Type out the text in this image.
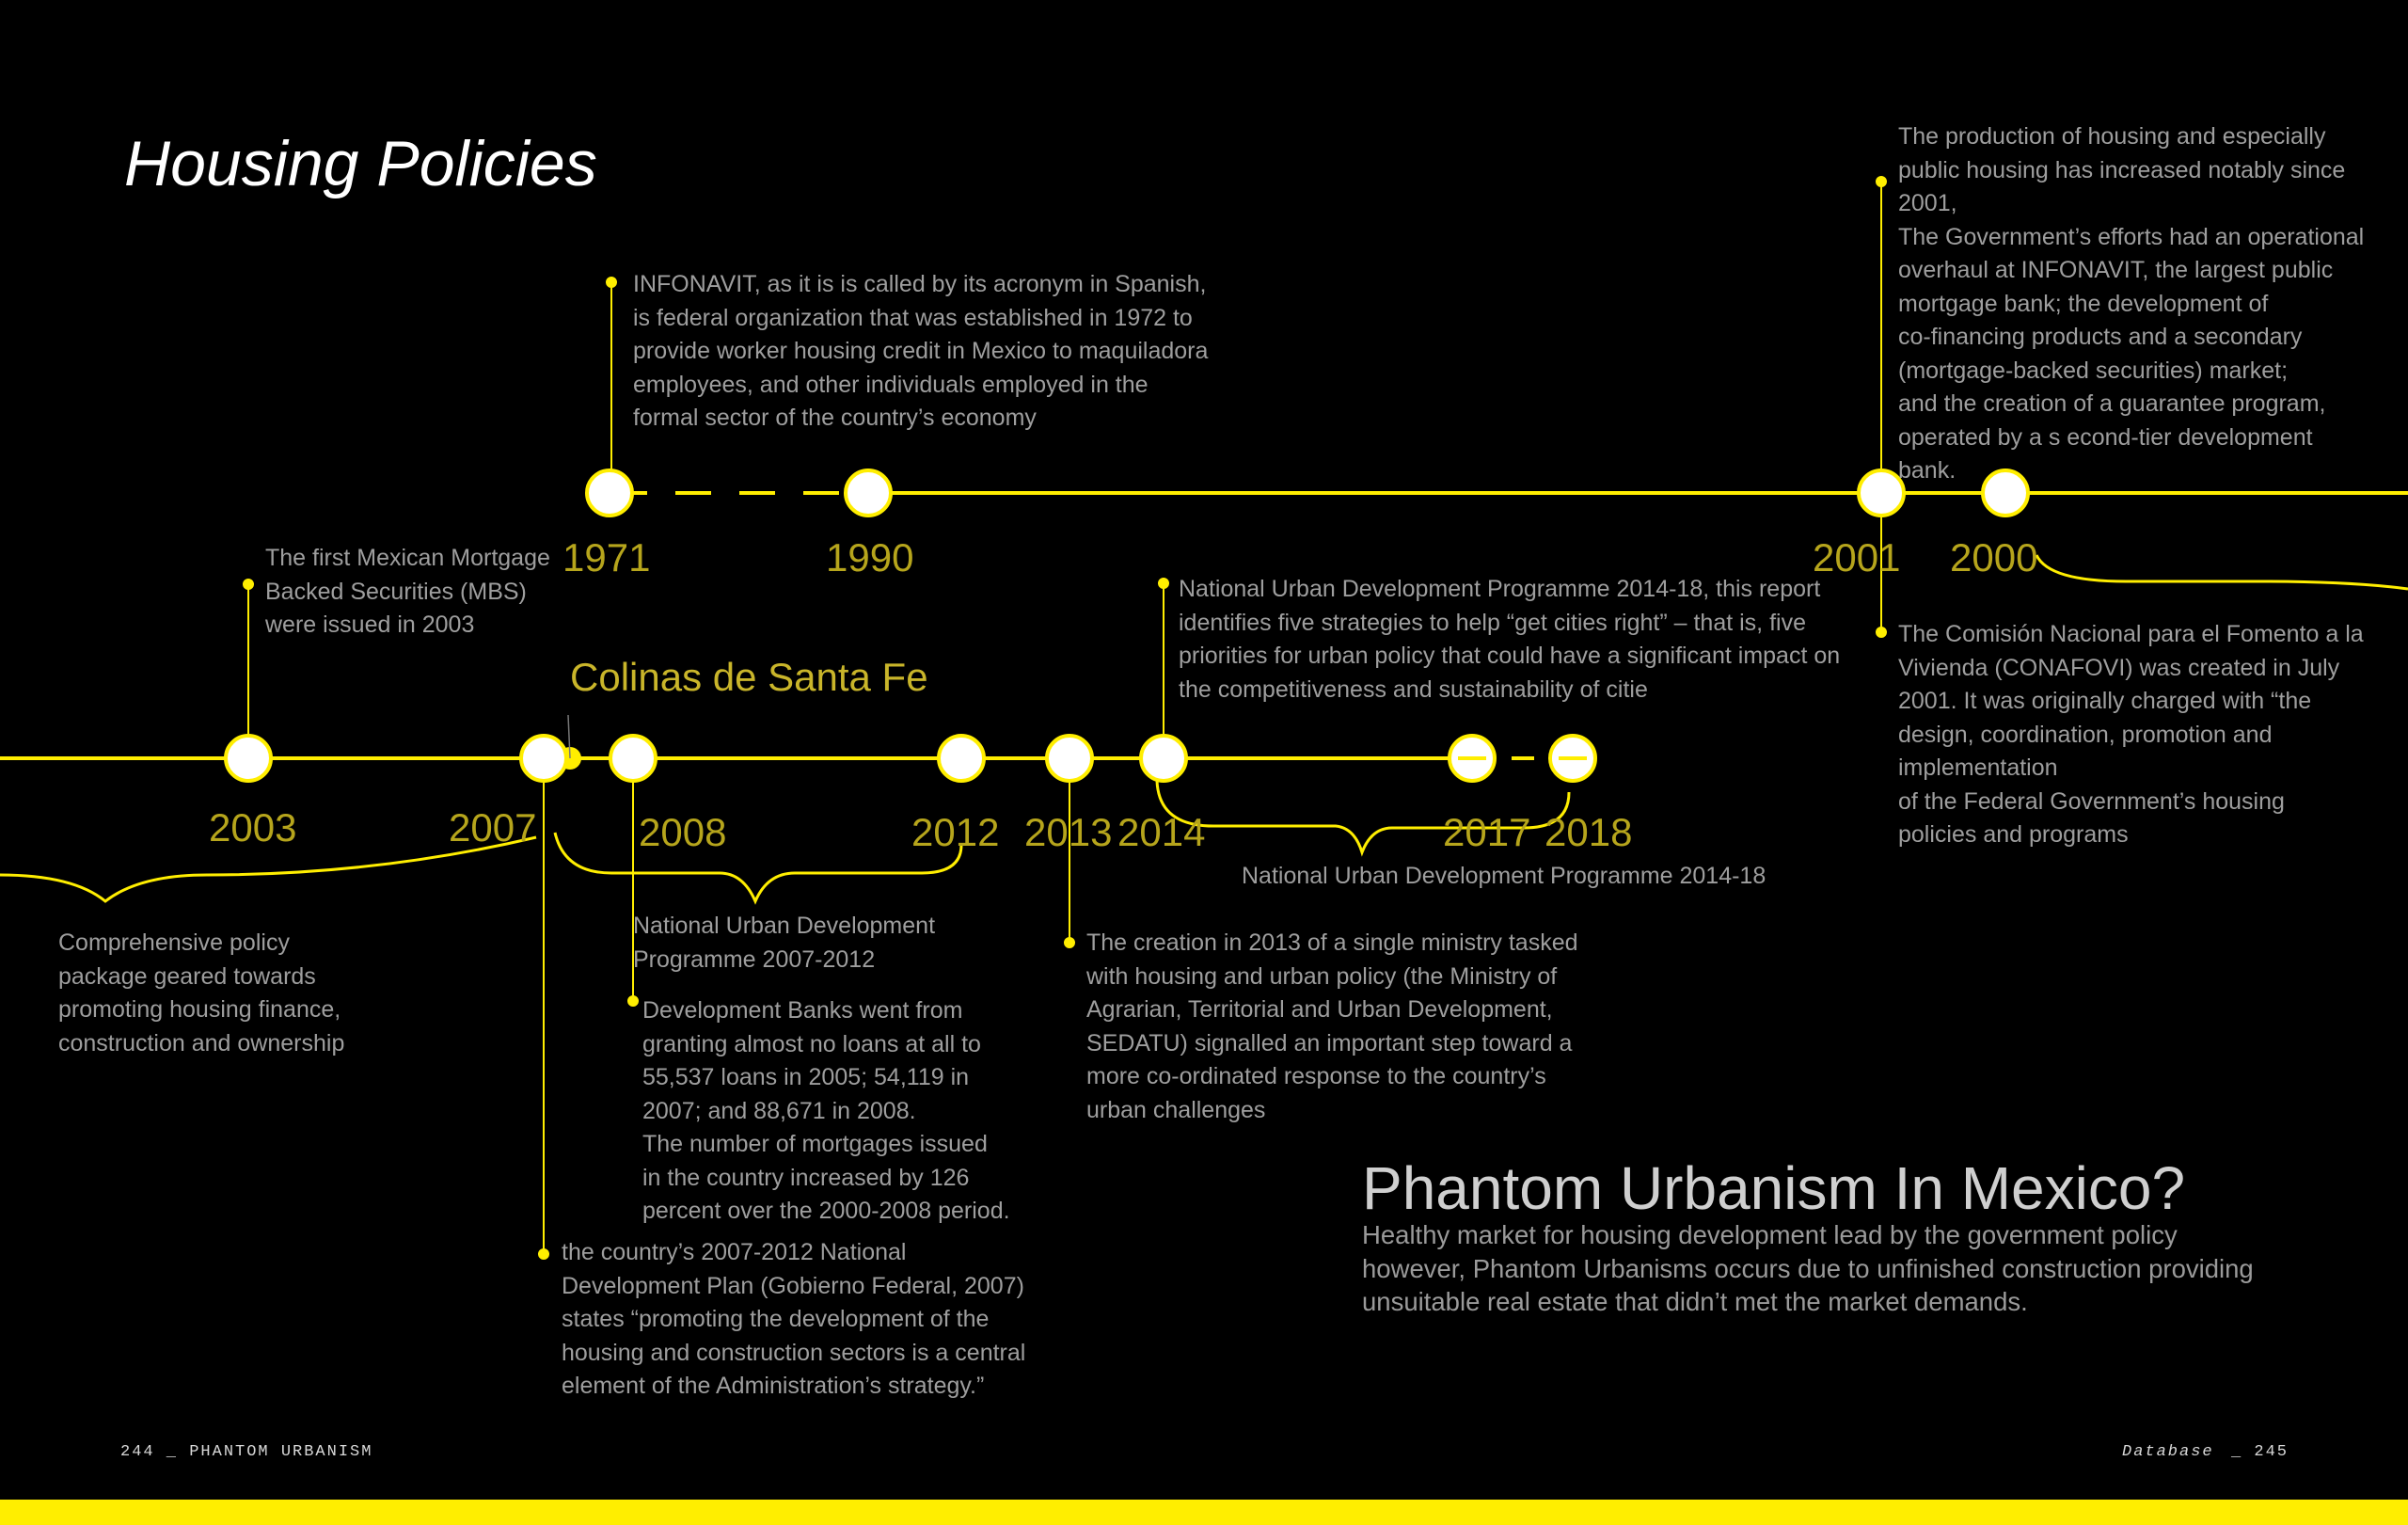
Housing Policies
1971	1990	2001 2000
2003	2007	2008	2012 2013 2014	2017 2018
Colinas de Santa Fe
INFONAVIT, as it is is called by its acronym in Spanish,
is federal organization that was established in 1972 to
provide worker housing credit in Mexico to maquiladora
employees, and other individuals employed in the
formal sector of the country’s economy
The production of housing and especially
public housing has increased notably since
2001,
The Government’s efforts had an operational
overhaul at INFONAVIT, the largest public
mortgage bank; the development of
co-financing products and a secondary
(mortgage-backed securities) market;
and the creation of a guarantee program,
operated by a s econd-tier development
bank.
The Comisión Nacional para el Fomento a la
Vivienda (CONAFOVI) was created in July
2001. It was originally charged with “the
design, coordination, promotion and
implementation
of the Federal Government’s housing
policies and programs
The first Mexican Mortgage
Backed Securities (MBS)
were issued in 2003
Comprehensive policy
package geared towards
promoting housing finance,
construction and ownership
National Urban Development
Programme 2007-2012
Development Banks went from
granting almost no loans at all to
55,537 loans in 2005; 54,119 in
2007; and 88,671 in 2008.
The number of mortgages issued
in the country increased by 126
percent over the 2000-2008 period.
the country’s 2007-2012 National
Development Plan (Gobierno Federal, 2007)
states “promoting the development of the
housing and construction sectors is a central
element of the Administration’s strategy.”
The creation in 2013 of a single ministry tasked
with housing and urban policy (the Ministry of
Agrarian, Territorial and Urban Development,
SEDATU) signalled an important step toward a
more co-ordinated response to the country’s
urban challenges
National Urban Development Programme 2014-18, this report
identifies five strategies to help “get cities right” – that is, five
priorities for urban policy that could have a significant impact on
the competitiveness and sustainability of citie
National Urban Development Programme 2014-18
Phantom Urbanism In Mexico?
Healthy market for housing development lead by the government policy
however, Phantom Urbanisms occurs due to unfinished construction providing
unsuitable real estate that didn’t met the market demands.
244 _ PHANTOM URBANISM	Database _ 245
